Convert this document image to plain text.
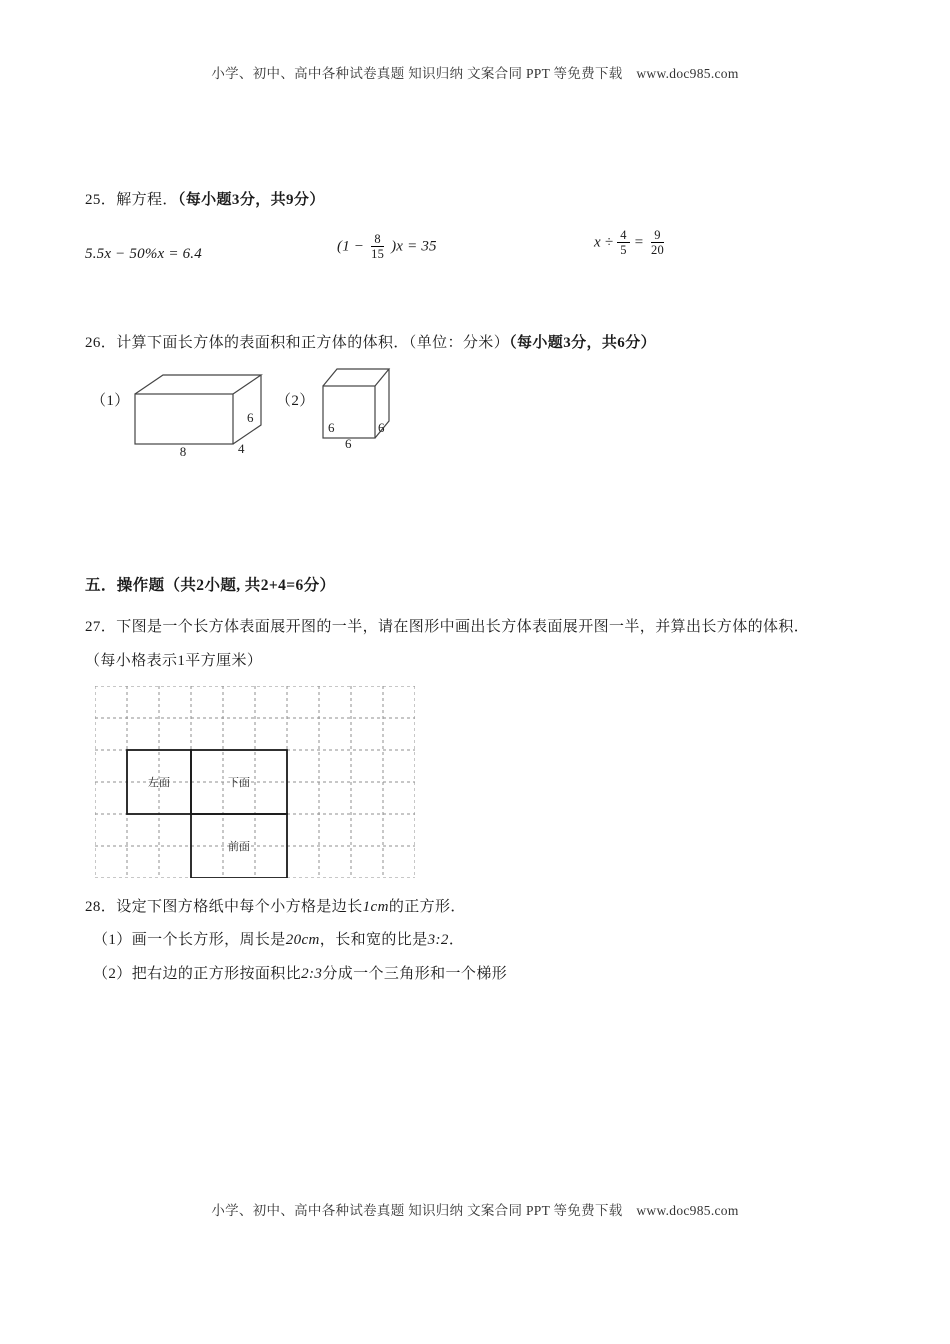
小学、初中、高中各种试卷真题 知识归纳 文案合同 PPT 等免费下载　www.doc985.com
25．解方程．（每小题3分，共9分）
5.5x − 50%x = 6.4	$(1 - \frac{8}{15} )x = 35$	$x \div \frac{4}{5} = \frac{9}{20}$
26．计算下面长方体的表面积和正方体的体积．（单位：分米）（每小题3分，共6分）
（1）
8	4
6
（2）
6
6
6
五．操作题（共2小题, 共2+4=6分）
27．下图是一个长方体表面展开图的一半，请在图形中画出长方体表面展开图一半，并算出长方体的体积．
（每小格表示1平方厘米）
左面	下面
前面
28．设定下图方格纸中每个小方格是边长1cm的正方形．
（1）画一个长方形，周长是20cm，长和宽的比是3:2．
（2）把右边的正方形按面积比2:3分成一个三角形和一个梯形
小学、初中、高中各种试卷真题 知识归纳 文案合同 PPT 等免费下载　www.doc985.com
